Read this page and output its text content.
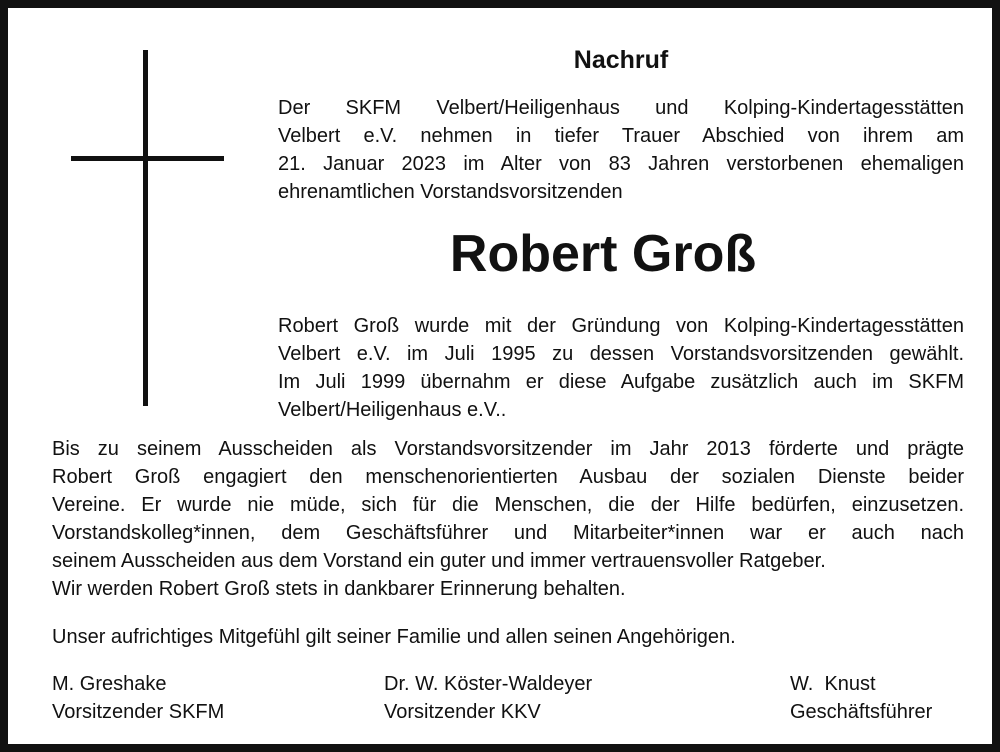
Nachruf

Der SKFM Velbert/Heiligenhaus und Kolping-Kindertagesstätten
Velbert e.V. nehmen in tiefer Trauer Abschied von ihrem am
21. Januar 2023 im Alter von 83 Jahren verstorbenen ehemaligen
ehrenamtlichen Vorstandsvorsitzenden

Robert Groß

Robert Groß wurde mit der Gründung von Kolping-Kindertagesstätten
Velbert e.V. im Juli 1995 zu dessen Vorstandsvorsitzenden gewählt.
Im Juli 1999 übernahm er diese Aufgabe zusätzlich auch im SKFM
Velbert/Heiligenhaus e.V..

Bis zu seinem Ausscheiden als Vorstandsvorsitzender im Jahr 2013 förderte und prägte
Robert Groß engagiert den menschenorientierten Ausbau der sozialen Dienste beider
Vereine. Er wurde nie müde, sich für die Menschen, die der Hilfe bedürfen, einzusetzen.
Vorstandskolleg*innen, dem Geschäftsführer und Mitarbeiter*innen war er auch nach
seinem Ausscheiden aus dem Vorstand ein guter und immer vertrauensvoller Ratgeber.
Wir werden Robert Groß stets in dankbarer Erinnerung behalten.

Unser aufrichtiges Mitgefühl gilt seiner Familie und allen seinen Angehörigen.

M. Greshake
Vorsitzender SKFM
Dr. W. Köster-Waldeyer
Vorsitzender KKV
W.  Knust
Geschäftsführer
